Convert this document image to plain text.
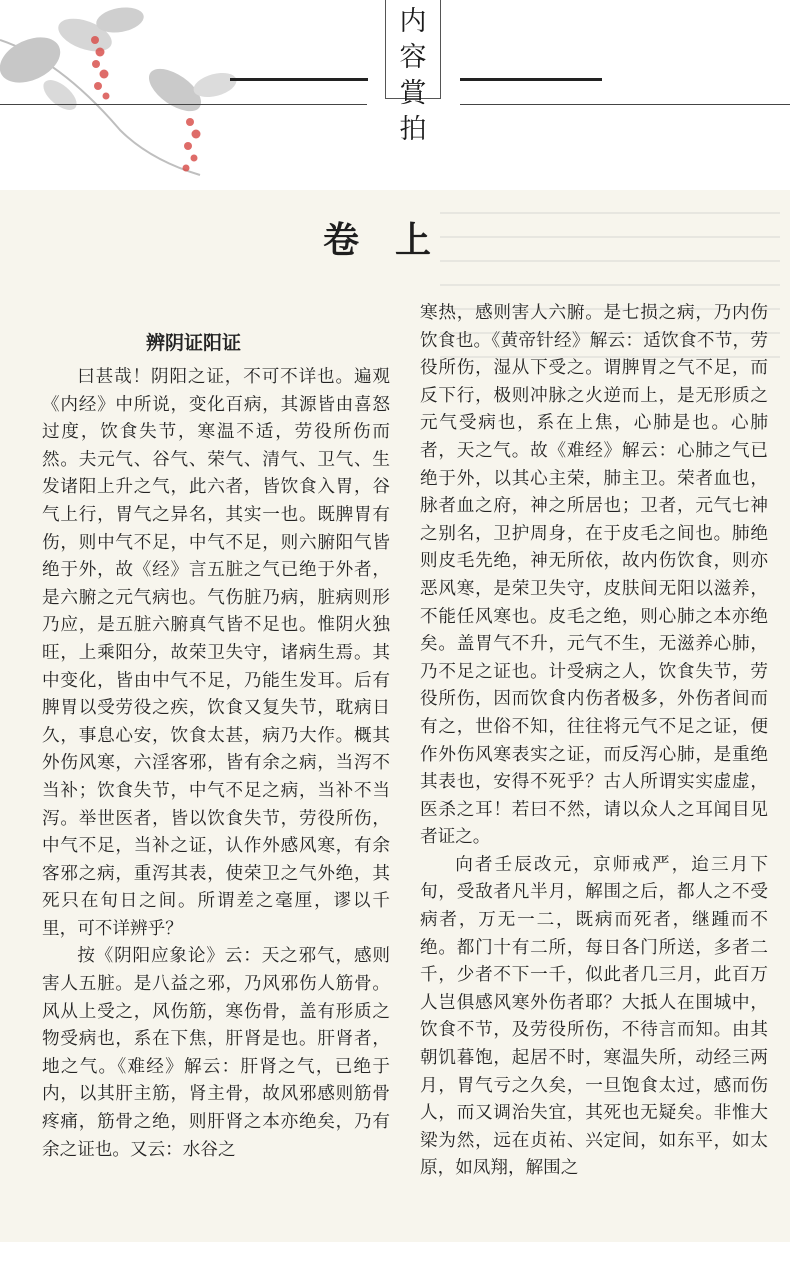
内
容
賞
拍
卷上
辨阴证阳证

曰甚哉！阴阳之证，不可不详也。遍观《内经》中所说，变化百病，其源皆由喜怒过度，饮食失节，寒温不适，劳役所伤而然。夫元气、谷气、荣气、清气、卫气、生发诸阳上升之气，此六者，皆饮食入胃，谷气上行，胃气之异名，其实一也。既脾胃有伤，则中气不足，中气不足，则六腑阳气皆绝于外，故《经》言五脏之气已绝于外者，是六腑之元气病也。气伤脏乃病，脏病则形乃应，是五脏六腑真气皆不足也。惟阴火独旺，上乘阳分，故荣卫失守，诸病生焉。其中变化，皆由中气不足，乃能生发耳。后有脾胃以受劳役之疾，饮食又复失节，耽病日久，事息心安，饮食太甚，病乃大作。概其外伤风寒，六淫客邪，皆有余之病，当泻不当补；饮食失节，中气不足之病，当补不当泻。举世医者，皆以饮食失节，劳役所伤，中气不足，当补之证，认作外感风寒，有余客邪之病，重泻其表，使荣卫之气外绝，其死只在旬日之间。所谓差之毫厘，谬以千里，可不详辨乎？

按《阴阳应象论》云：天之邪气，感则害人五脏。是八益之邪，乃风邪伤人筋骨。风从上受之，风伤筋，寒伤骨，盖有形质之物受病也，系在下焦，肝肾是也。肝肾者，地之气。《难经》解云：肝肾之气，已绝于内，以其肝主筋，肾主骨，故风邪感则筋骨疼痛，筋骨之绝，则肝肾之本亦绝矣，乃有余之证也。又云：水谷之

寒热，感则害人六腑。是七损之病，乃内伤饮食也。《黄帝针经》解云：适饮食不节，劳役所伤，湿从下受之。谓脾胃之气不足，而反下行，极则冲脉之火逆而上，是无形质之元气受病也，系在上焦，心肺是也。心肺者，天之气。故《难经》解云：心肺之气已绝于外，以其心主荣，肺主卫。荣者血也，脉者血之府，神之所居也；卫者，元气七神之别名，卫护周身，在于皮毛之间也。肺绝则皮毛先绝，神无所依，故内伤饮食，则亦恶风寒，是荣卫失守，皮肤间无阳以滋养，不能任风寒也。皮毛之绝，则心肺之本亦绝矣。盖胃气不升，元气不生，无滋养心肺，乃不足之证也。计受病之人，饮食失节，劳役所伤，因而饮食内伤者极多，外伤者间而有之，世俗不知，往往将元气不足之证，便作外伤风寒表实之证，而反泻心肺，是重绝其表也，安得不死乎？古人所谓实实虚虚，医杀之耳！若曰不然，请以众人之耳闻目见者证之。

向者壬辰改元，京师戒严，迨三月下旬，受敌者凡半月，解围之后，都人之不受病者，万无一二，既病而死者，继踵而不绝。都门十有二所，每日各门所送，多者二千，少者不下一千，似此者几三月，此百万人岂俱感风寒外伤者耶？大抵人在围城中，饮食不节，及劳役所伤，不待言而知。由其朝饥暮饱，起居不时，寒温失所，动经三两月，胃气亏之久矣，一旦饱食太过，感而伤人，而又调治失宜，其死也无疑矣。非惟大梁为然，远在贞祐、兴定间，如东平，如太原，如凤翔，解围之
